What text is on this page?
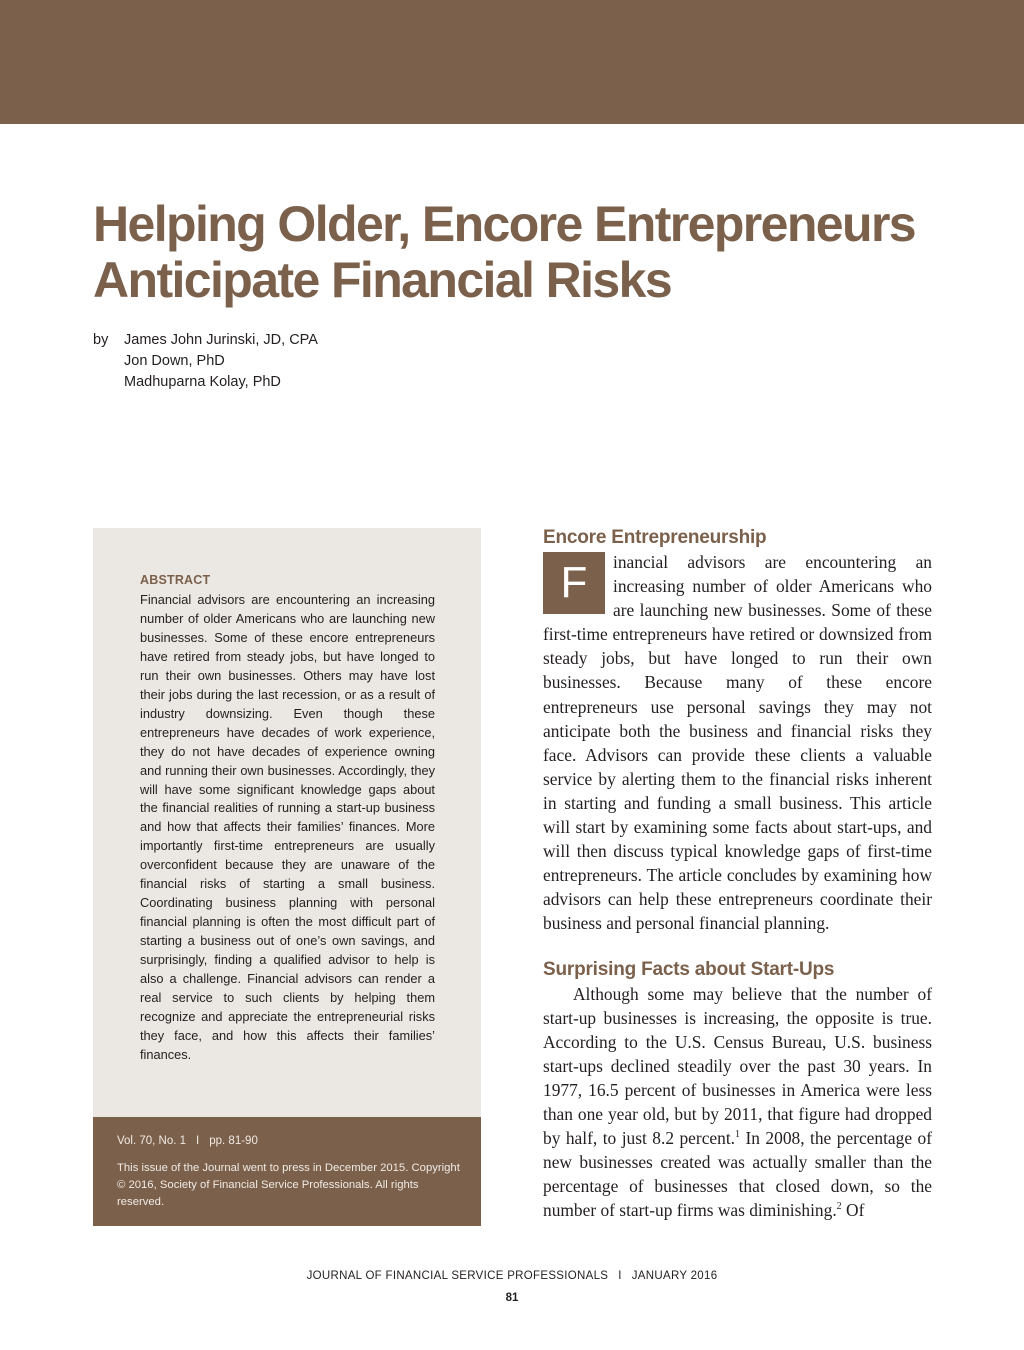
Helping Older, Encore Entrepreneurs Anticipate Financial Risks
by James John Jurinski, JD, CPA
Jon Down, PhD
Madhuparna Kolay, PhD

ABSTRACT

Financial advisors are encountering an increasing number of older Americans who are launching new businesses. Some of these encore entrepreneurs have retired from steady jobs, but have longed to run their own businesses. Others may have lost their jobs during the last recession, or as a result of industry downsizing. Even though these entrepreneurs have decades of work experience, they do not have decades of experience owning and running their own businesses. Accordingly, they will have some significant knowledge gaps about the financial realities of running a start-up business and how that affects their families’ finances. More importantly first-time entrepreneurs are usually overconfident because they are unaware of the financial risks of starting a small business. Coordinating business planning with personal financial planning is often the most difficult part of starting a business out of one’s own savings, and surprisingly, finding a qualified advisor to help is also a challenge. Financial advisors can render a real service to such clients by helping them recognize and appreciate the entrepreneurial risks they face, and how this affects their families’ finances.

Vol. 70, No. 1 I pp. 81-90

This issue of the Journal went to press in December 2015. Copyright © 2016, Society of Financial Service Professionals. All rights reserved.

Encore Entrepreneurship

F	inancial advisors are encountering an increasing number of older Americans who are launching new businesses. Some of these first-time entrepreneurs have retired or downsized from steady jobs, but have longed to run their own businesses. Because many of these encore entrepreneurs use personal savings they may not anticipate both the business and financial risks they face. Advisors can provide these clients a valuable service by alerting them to the financial risks inherent in starting and funding a small business. This article will start by examining some facts about start-ups, and will then discuss typical knowledge gaps of first-time entrepreneurs. The article concludes by examining how advisors can help these entrepreneurs coordinate their business and personal financial planning.

Surprising Facts about Start-Ups

Although some may believe that the number of start-up businesses is increasing, the opposite is true. According to the U.S. Census Bureau, U.S. business start-ups declined steadily over the past 30 years. In 1977, 16.5 percent of businesses in America were less than one year old, but by 2011, that figure had dropped by half, to just 8.2 percent.$^1$ In 2008, the percentage of new businesses created was actually smaller than the percentage of businesses that closed down, so the number of start-up firms was diminishing.$^2$ Of

JOURNAL OF FINANCIAL SERVICE PROFESSIONALS I JANUARY 2016
81
